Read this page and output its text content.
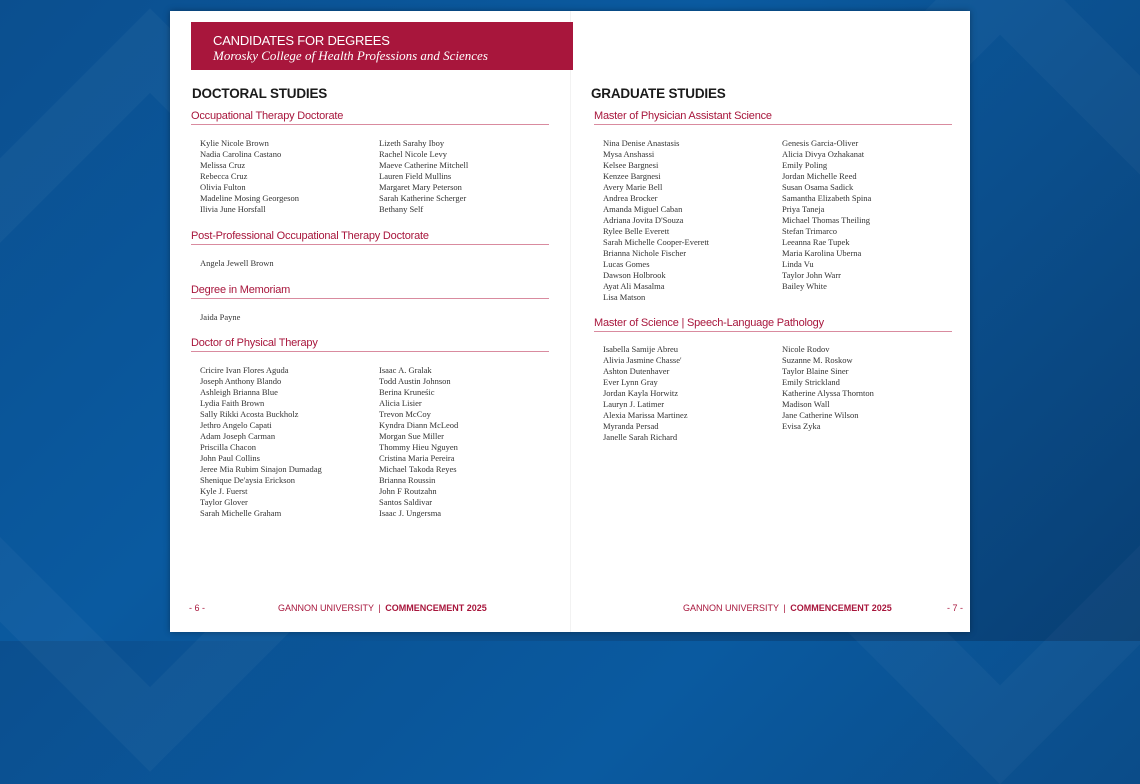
CANDIDATES FOR DEGREES
Morosky College of Health Professions and Sciences
DOCTORAL STUDIES
Occupational Therapy Doctorate
Kylie Nicole Brown
Nadia Carolina Castano
Melissa Cruz
Rebecca Cruz
Olivia Fulton
Madeline Mosing Georgeson
Ilivia June Horsfall
Lizeth Sarahy Iboy
Rachel Nicole Levy
Maeve Catherine Mitchell
Lauren Field Mullins
Margaret Mary Peterson
Sarah Katherine Scherger
Bethany Self
Post-Professional Occupational Therapy Doctorate
Angela Jewell Brown
Degree in Memoriam
Jaida Payne
Doctor of Physical Therapy
Cricire Ivan Flores Aguda
Joseph Anthony Blando
Ashleigh Brianna Blue
Lydia Faith Brown
Sally Rikki Acosta Buckholz
Jethro Angelo Capati
Adam Joseph Carman
Priscilla Chacon
John Paul Collins
Jeree Mia Rubim Sinajon Dumadag
Shenique De'aysia Erickson
Kyle J. Fuerst
Taylor Glover
Sarah Michelle Graham
Isaac A. Gralak
Todd Austin Johnson
Berina Kruneśic
Alicia Lisier
Trevon McCoy
Kyndra Diann McLeod
Morgan Sue Miller
Thommy Hieu Nguyen
Cristina Maria Pereira
Michael Takoda Reyes
Brianna Roussin
John F Routzahn
Santos Saldivar
Isaac J. Ungersma
GRADUATE STUDIES
Master of Physician Assistant Science
Nina Denise Anastasis
Mysa Anshassi
Kelsee Bargnesi
Kenzee Bargnesi
Avery Marie Bell
Andrea Brocker
Amanda Miguel Caban
Adriana Jovita D'Souza
Rylee Belle Everett
Sarah Michelle Cooper-Everett
Brianna Nichole Fischer
Lucas Gomes
Dawson Holbrook
Ayat Ali Masalma
Lisa Matson
Genesis Garcia-Oliver
Alicia Divya Ozhakanat
Emily Poling
Jordan Michelle Reed
Susan Osama Sadick
Samantha Elizabeth Spina
Priya Taneja
Michael Thomas Theiling
Stefan Trimarco
Leeanna Rae Tupek
Maria Karolina Uberna
Linda Vu
Taylor John Warr
Bailey White
Master of Science | Speech-Language Pathology
Isabella Samije Abreu
Alivia Jasmine Chasse'
Ashton Dutenhaver
Ever Lynn Gray
Jordan Kayla Horwitz
Lauryn J. Latimer
Alexia Marissa Martinez
Myranda Persad
Janelle Sarah Richard
Nicole Rodov
Suzanne M. Roskow
Taylor Blaine Siner
Emily Strickland
Katherine Alyssa Thornton
Madison Wall
Jane Catherine Wilson
Evisa Zyka
- 6 -	GANNON UNIVERSITY | COMMENCEMENT 2025	GANNON UNIVERSITY | COMMENCEMENT 2025	- 7 -
